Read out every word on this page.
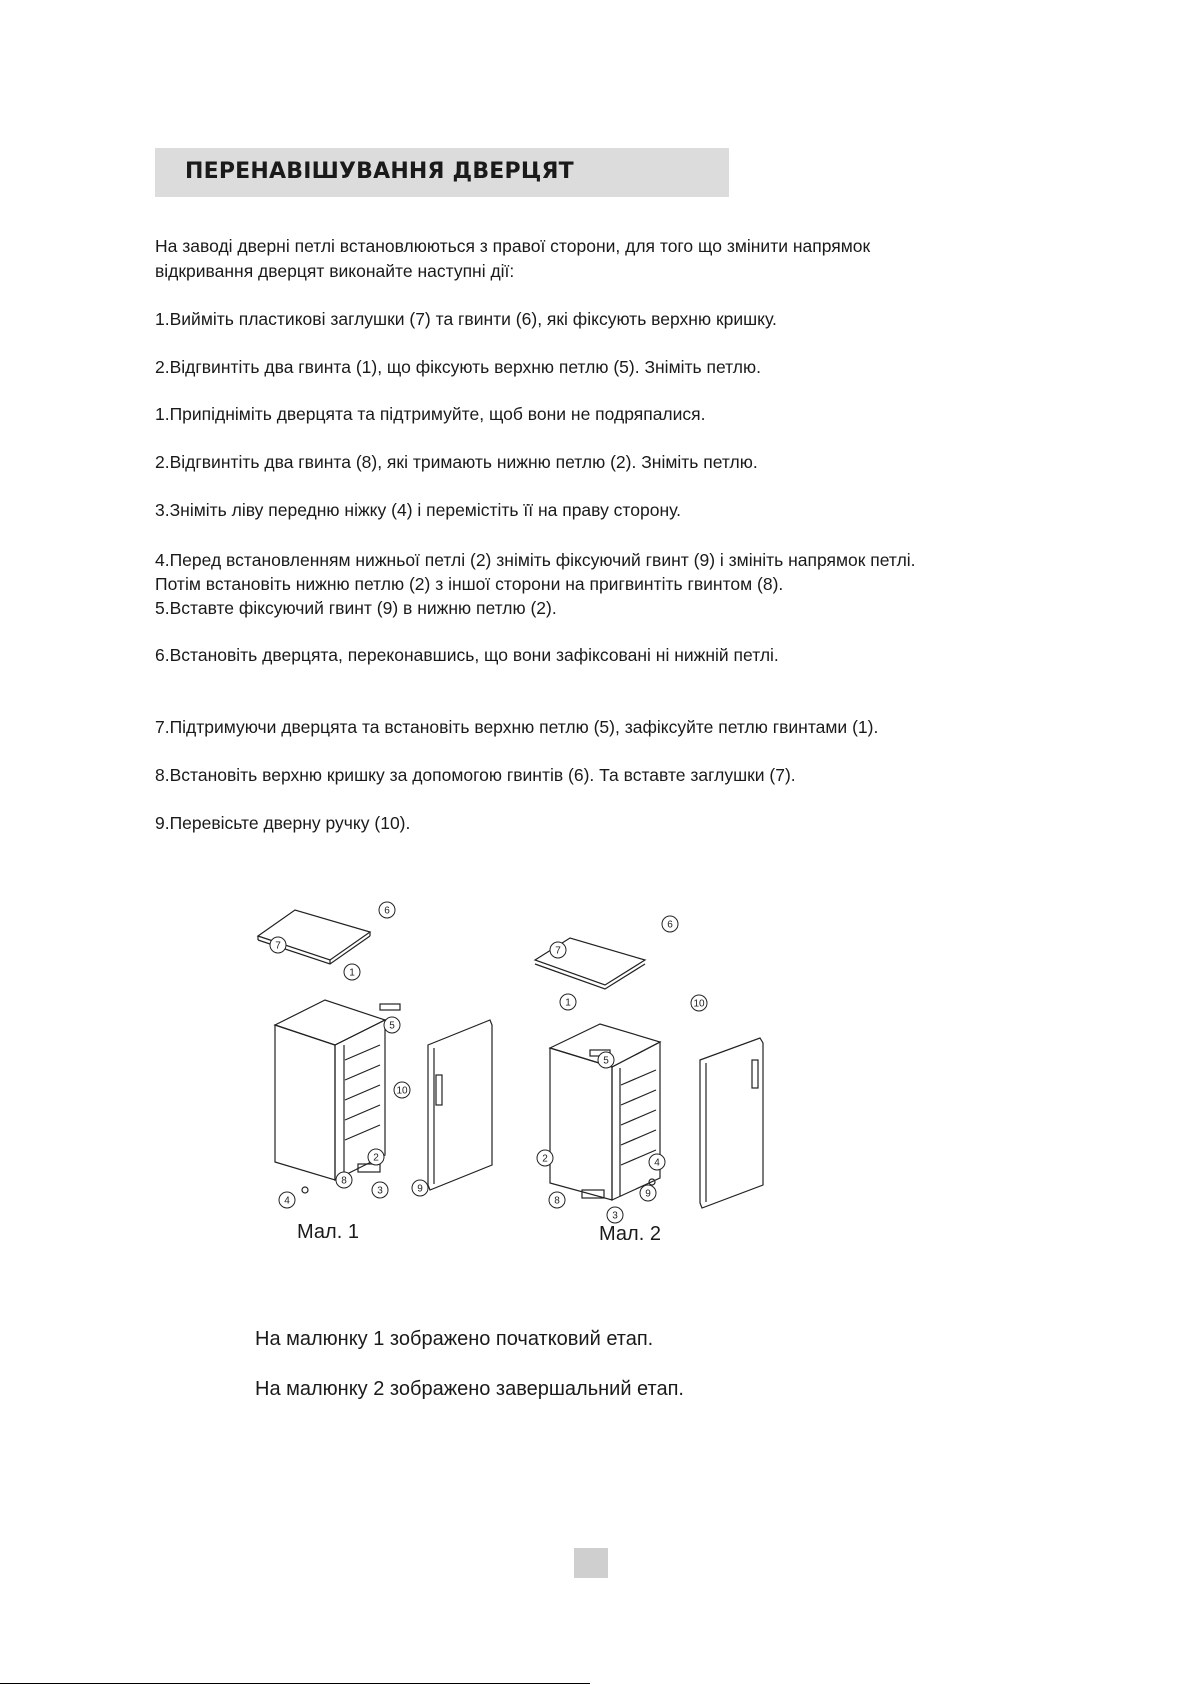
ПЕРЕНАВІШУВАННЯ ДВЕРЦЯТ
На заводі дверні петлі встановлюються з правої сторони, для того що змінити напрямок
відкривання дверцят виконайте наступні дії:
1.Вийміть пластикові заглушки (7) та гвинти (6), які фіксують верхню кришку.
2.Відгвинтіть два гвинта (1), що фіксують верхню петлю (5). Зніміть петлю.
1.Припідніміть дверцята та підтримуйте, щоб вони не подряпалися.
2.Відгвинтіть два гвинта (8), які тримають нижню петлю (2). Зніміть петлю.
3.Зніміть ліву передню ніжку (4) і перемістіть її на праву сторону.
4.Перед встановленням нижньої петлі (2) зніміть фіксуючий гвинт (9) і змініть напрямок петлі.
Потім встановіть нижню петлю (2) з іншої сторони на пригвинтіть гвинтом (8).
5.Вставте фіксуючий гвинт (9) в нижню петлю (2).
6.Встановіть дверцята, переконавшись, що вони зафіксовані ні нижній петлі.
7.Підтримуючи дверцята та встановіть верхню петлю (5), зафіксуйте петлю гвинтами (1).
8.Встановіть верхню кришку за допомогою гвинтів (6). Та вставте заглушки (7).
9.Перевісьте дверну ручку (10).
6
7
1
5
10
2
8
3	9
4
6
7
1
5
10
4
2
8
9
3
Мал. 1	Мал. 2
На малюнку 1 зображено початковий етап.
На малюнку 2 зображено завершальний етап.
